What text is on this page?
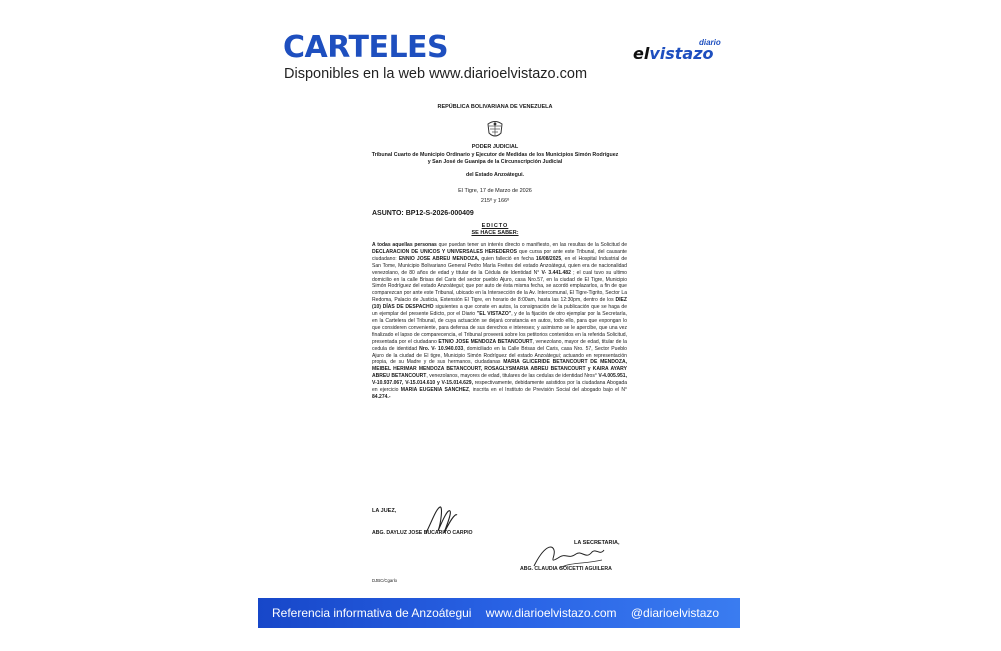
CARTELES
Disponibles en la web www.diarioelvistazo.com
elvistazo
diario
REPÚBLICA BOLIVARIANA DE VENEZUELA
PODER JUDICIAL
Tribunal Cuarto de Municipio Ordinario y Ejecutor de Medidas de los Municipios Simón Rodríguez y San José de Guanipa de la Circunscripción Judicial
del Estado Anzoátegui.
El Tigre, 17 de Marzo de 2026
215º y 166º
ASUNTO: BP12-S-2026-000409
EDICTO
SE HACE SABER:
A todas aquellas personas que puedan tener un interés directo o manifiesto, en las resultas de la Solicitud de DECLARACION DE UNICOS Y UNIVERSALES HEREDEROS que cursa por ante este Tribunal, del causante ciudadano: ENNIO JOSE ABREU MENDOZA, quien falleció en fecha 16/08/2025, en el Hospital Industrial de San Tome, Municipio Bolivariano General Pedro María Freites del estado Anzoátegui, quien era de nacionalidad venezolano, de 80 años de edad y titular de la Cédula de Identidad N° V- 3.441.482 ; el cual tuvo su ultimo domicilio en la calle Brisas del Caris del sector pueblo Ajuro, casa Nro.57, en la ciudad de El Tigre, Municipio Simón Rodríguez del estado Anzoátegui; que por auto de ésta misma fecha, se acordó emplazarlos, a fin de que comparezcan por ante este Tribunal, ubicado en la Intersección de la Av. Intercomunal, El Tigre-Tigrito, Sector La Redoma, Palacio de Justicia, Extensión El Tigre, en horario de 8:00am, hasta las 12:30pm, dentro de los DIEZ (10) DÍAS DE DESPACHO siguientes a que conste en autos, la consignación de la publicación que se haga de un ejemplar del presente Edicto, por el Diario "EL VISTAZO", y de la fijación de otro ejemplar por la Secretaría, en la Cartelera del Tribunal, de cuya actuación se dejará constancia en autos, todo ello, para que expongan lo que consideren conveniente, para defensa de sus derechos e intereses; y asimismo se le apercibe, que una vez finalizado el lapso de comparecencia, el Tribunal proveerá sobre los petitorios contenidos en la referida Solicitud, presentada por el ciudadano ETNIO JOSE MENDOZA BETANCOURT, venezolano, mayor de edad, titular de la cedula de identidad Nro. V- 10.940.033, domiciliado en la Calle Brisas del Caris, casa Nro. 57, Sector Pueblo Ajuro de la ciudad de El tigre, Municipio Simón Rodríguez del estado Anzoátegui; actuando en representación propia, de su Madre y de sus hermanos, ciudadanas MARIA GLICERIDE BETANCOURT DE MENDOZA, MEIBEL HERIMAR MENDOZA BETANCOURT, ROSAGLYSMARIA ABREU BETANCOURT y KAIRA AYARY ABREU BETANCOURT, venezolanos, mayores de edad, titulares de las cedulas de identidad Nros° V-4.005.951, V-10.937.067, V-15.014.610 y V-15.014.629, respectivamente, debidamente asistidos por la ciudadana Abogada en ejercicio MARIA EUGENIA SANCHEZ, inscrita en el Instituto de Previsión Social del abogado bajo el N° 84.274.-
LA JUEZ,
ABG. DAYLUZ JOSE BUCARITO CARPIO
LA SECRETARIA,
ABG. CLAUDIA GOICETTI AGUILERA
DJBC/Cgarlo
Referencia informativa de Anzoátegui www.diarioelvistazo.com @diarioelvistazo
